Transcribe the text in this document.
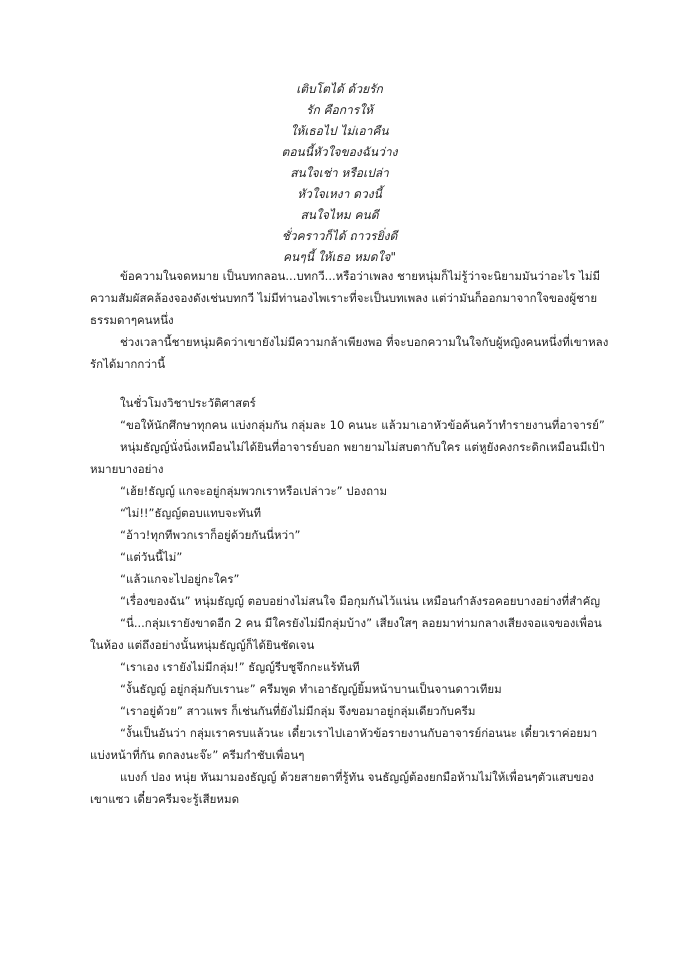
เติบโตได้ ด้วยรัก
รัก คือการให้
ให้เธอไป ไม่เอาคืน
ตอนนี้หัวใจของฉันว่าง
สนใจเช่า หรือเปล่า
หัวใจเหงา ดวงนี้
สนใจไหม คนดี
ชั่วคราวก็ได้ ถาวรยิ่งดี
คนๆนี้ ให้เธอ หมดใจ"

ข้อความในจดหมาย เป็นบทกลอน...บทกวี...หรือว่าเพลง ชายหนุ่มก็ไม่รู้ว่าจะนิยามมันว่าอะไร ไม่มีความสัมผัสคล้องจองดังเช่นบทกวี ไม่มีท่านองไพเราะที่จะเป็นบทเพลง แต่ว่ามันก็ออกมาจากใจของผู้ชายธรรมดาๆคนหนึ่ง

ช่วงเวลานี้ชายหนุ่มคิดว่าเขายังไม่มีความกล้าเพียงพอ ที่จะบอกความในใจกับผู้หญิงคนหนึ่งที่เขาหลงรักได้มากกว่านี้

ในชั่วโมงวิชาประวัติศาสตร์

“ขอให้นักศึกษาทุกคน แบ่งกลุ่มกัน กลุ่มละ 10 คนนะ แล้วมาเอาหัวข้อค้นคว้าทำรายงานที่อาจารย์”

หนุ่มธัญญ์นั่งนิ่งเหมือนไม่ได้ยินที่อาจารย์บอก พยายามไม่สบตากับใคร แต่หูยังคงกระดิกเหมือนมีเป้าหมายบางอย่าง

“เฮ้ย!ธัญญ์ แกจะอยู่กลุ่มพวกเราหรือเปล่าวะ” ปองถาม

“ไม่!!”ธัญญ์ตอบแทบจะทันที

“อ้าว!ทุกทีพวกเราก็อยู่ด้วยกันนี่หว่า”

“แต่วันนี้ไม่”

“แล้วแกจะไปอยู่กะใคร”

“เรื่องของฉัน” หนุ่มธัญญ์ ตอบอย่างไม่สนใจ มือกุมกันไว้แน่น เหมือนกำลังรอคอยบางอย่างที่สำคัญ

“นี่...กลุ่มเรายังขาดอีก 2 คน มีใครยังไม่มีกลุ่มบ้าง” เสียงใสๆ ลอยมาท่ามกลางเสียงจอแจของเพื่อนในห้อง แต่ถึงอย่างนั้นหนุ่มธัญญ์ก็ได้ยินชัดเจน

“เราเอง เรายังไม่มีกลุ่ม!” ธัญญ์รีบชูจึกกะแร้ทันที

“งั้นธัญญ์ อยู่กลุ่มกับเรานะ” ครีมพูด ทำเอาธัญญ์ยิ้มหน้าบานเป็นจานดาวเทียม

“เราอยู่ด้วย” สาวแพร ก็เช่นกันที่ยังไม่มีกลุ่ม จึงขอมาอยู่กลุ่มเดียวกับครีม

“งั้นเป็นอันว่า กลุ่มเราครบแล้วนะ เดี๋ยวเราไปเอาหัวข้อรายงานกับอาจารย์ก่อนนะ เดี๋ยวเราค่อยมาแบ่งหน้าที่กัน ตกลงนะจ๊ะ” ครีมกำชับเพื่อนๆ

แบงก์ ปอง หนุ่ย หันมามองธัญญ์ ด้วยสายตาที่รู้ทัน จนธัญญ์ต้องยกมือห้ามไม่ให้เพื่อนๆตัวแสบของเขาแซว เดี๋ยวครีมจะรู้เสียหมด
